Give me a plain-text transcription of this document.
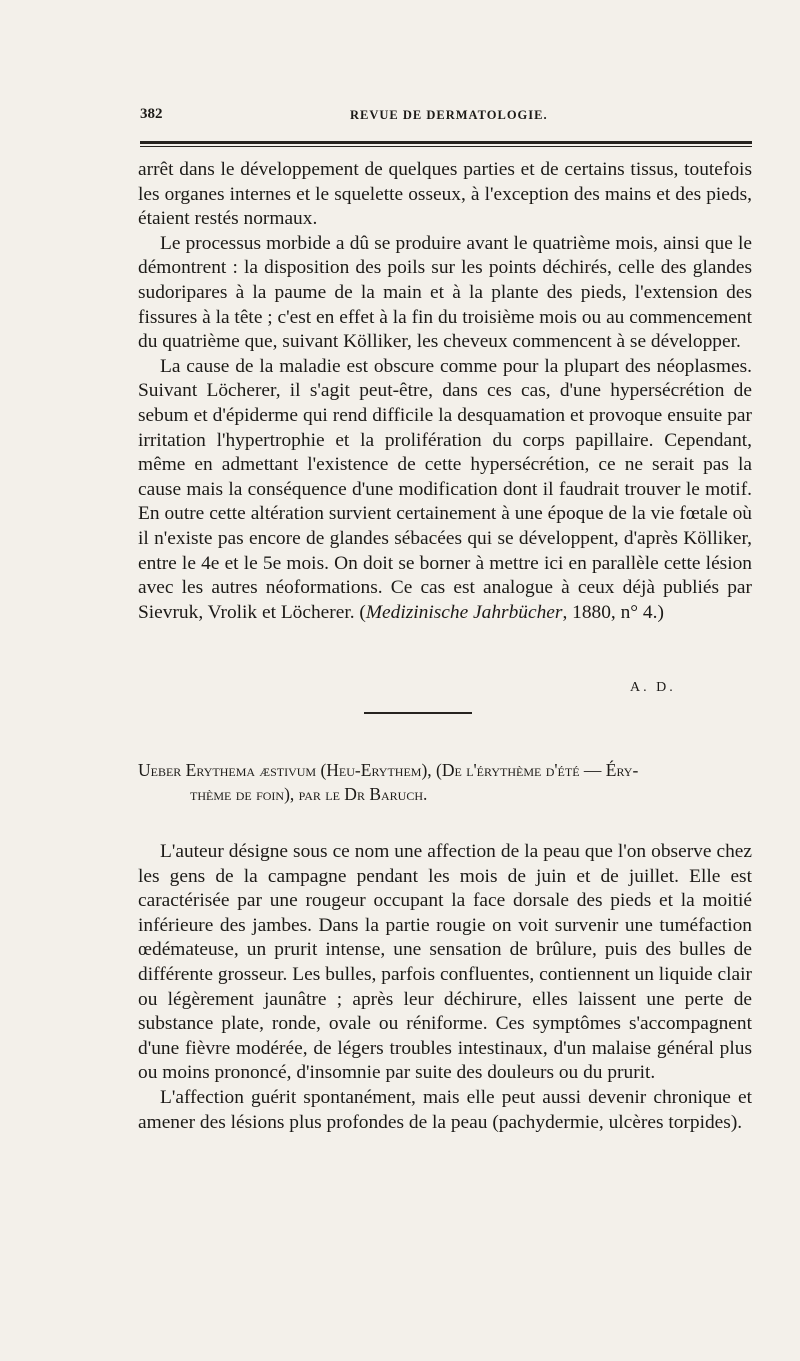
382	REVUE DE DERMATOLOGIE.

arrêt dans le développement de quelques parties et de certains tissus, toutefois les organes internes et le squelette osseux, à l'exception des mains et des pieds, étaient restés normaux.

Le processus morbide a dû se produire avant le quatrième mois, ainsi que le démontrent : la disposition des poils sur les points déchirés, celle des glandes sudoripares à la paume de la main et à la plante des pieds, l'extension des fissures à la tête ; c'est en effet à la fin du troisième mois ou au commencement du quatrième que, suivant Kölliker, les cheveux commencent à se développer.

La cause de la maladie est obscure comme pour la plupart des néoplasmes. Suivant Löcherer, il s'agit peut-être, dans ces cas, d'une hypersécrétion de sebum et d'épiderme qui rend difficile la desquamation et provoque ensuite par irritation l'hypertrophie et la prolifération du corps papillaire. Cependant, même en admettant l'existence de cette hypersécrétion, ce ne serait pas la cause mais la conséquence d'une modification dont il faudrait trouver le motif. En outre cette altération survient certainement à une époque de la vie fœtale où il n'existe pas encore de glandes sébacées qui se développent, d'après Kölliker, entre le 4e et le 5e mois. On doit se borner à mettre ici en parallèle cette lésion avec les autres néoformations. Ce cas est analogue à ceux déjà publiés par Sievruk, Vrolik et Löcherer. (Medizinische Jahrbücher, 1880, n° 4.)

A. D.
Ueber Erythema æstivum (Heu-Erythem), (De l'érythème d'été — Éry-
thème de foin), par le Dr Baruch.

L'auteur désigne sous ce nom une affection de la peau que l'on observe chez les gens de la campagne pendant les mois de juin et de juillet. Elle est caractérisée par une rougeur occupant la face dorsale des pieds et la moitié inférieure des jambes. Dans la partie rougie on voit survenir une tuméfaction œdémateuse, un prurit intense, une sensation de brûlure, puis des bulles de différente grosseur. Les bulles, parfois confluentes, contiennent un liquide clair ou légèrement jaunâtre ; après leur déchirure, elles laissent une perte de substance plate, ronde, ovale ou réniforme. Ces symptômes s'accompagnent d'une fièvre modérée, de légers troubles intestinaux, d'un malaise général plus ou moins prononcé, d'insomnie par suite des douleurs ou du prurit.

L'affection guérit spontanément, mais elle peut aussi devenir chronique et amener des lésions plus profondes de la peau (pachydermie, ulcères torpides).
